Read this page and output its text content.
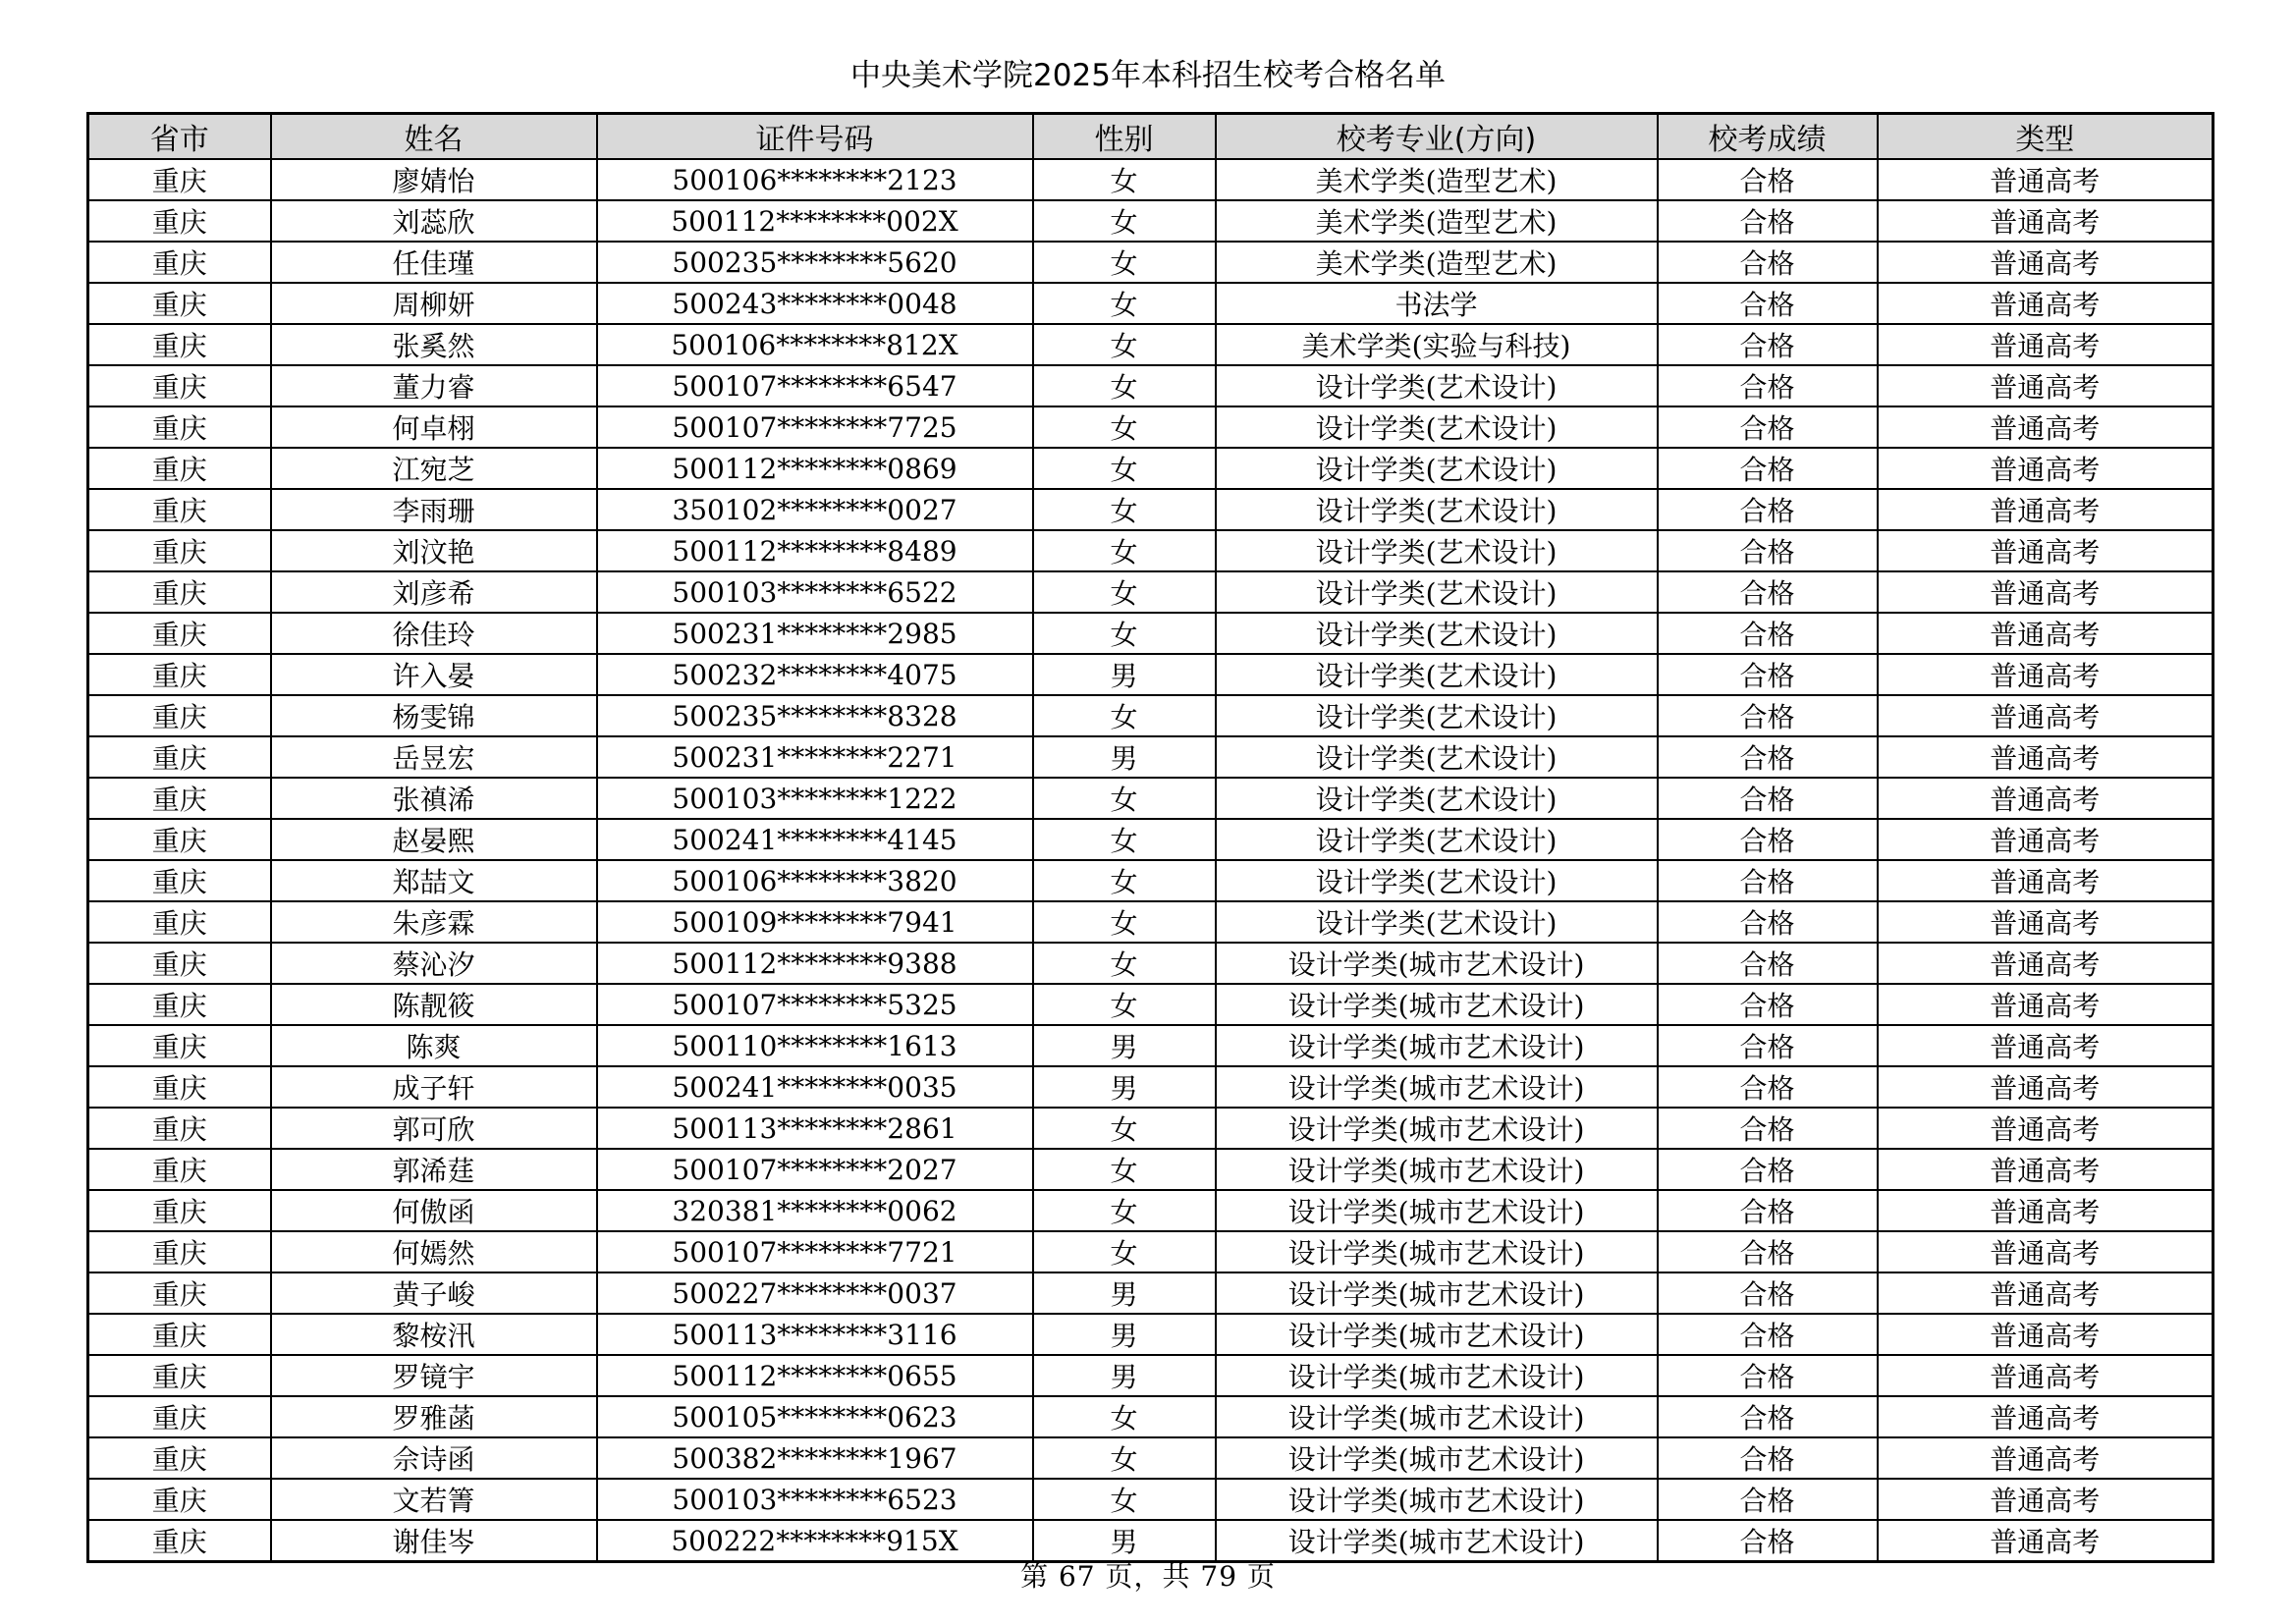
中央美术学院2025年本科招生校考合格名单
省市	姓名	证件号码	性别	校考专业(方向)	校考成绩	类型
重庆	廖婧怡	500106********2123	女	美术学类(造型艺术)	合格	普通高考
重庆	刘蕊欣	500112********002X	女	美术学类(造型艺术)	合格	普通高考
重庆	任佳瑾	500235********5620	女	美术学类(造型艺术)	合格	普通高考
重庆	周柳妍	500243********0048	女	书法学	合格	普通高考
重庆	张奚然	500106********812X	女	美术学类(实验与科技)	合格	普通高考
重庆	董力睿	500107********6547	女	设计学类(艺术设计)	合格	普通高考
重庆	何卓栩	500107********7725	女	设计学类(艺术设计)	合格	普通高考
重庆	江宛芝	500112********0869	女	设计学类(艺术设计)	合格	普通高考
重庆	李雨珊	350102********0027	女	设计学类(艺术设计)	合格	普通高考
重庆	刘汶艳	500112********8489	女	设计学类(艺术设计)	合格	普通高考
重庆	刘彦希	500103********6522	女	设计学类(艺术设计)	合格	普通高考
重庆	徐佳玲	500231********2985	女	设计学类(艺术设计)	合格	普通高考
重庆	许入晏	500232********4075	男	设计学类(艺术设计)	合格	普通高考
重庆	杨雯锦	500235********8328	女	设计学类(艺术设计)	合格	普通高考
重庆	岳昱宏	500231********2271	男	设计学类(艺术设计)	合格	普通高考
重庆	张禛浠	500103********1222	女	设计学类(艺术设计)	合格	普通高考
重庆	赵晏熙	500241********4145	女	设计学类(艺术设计)	合格	普通高考
重庆	郑喆文	500106********3820	女	设计学类(艺术设计)	合格	普通高考
重庆	朱彦霖	500109********7941	女	设计学类(艺术设计)	合格	普通高考
重庆	蔡沁汐	500112********9388	女	设计学类(城市艺术设计)	合格	普通高考
重庆	陈靓筱	500107********5325	女	设计学类(城市艺术设计)	合格	普通高考
重庆	陈爽	500110********1613	男	设计学类(城市艺术设计)	合格	普通高考
重庆	成子轩	500241********0035	男	设计学类(城市艺术设计)	合格	普通高考
重庆	郭可欣	500113********2861	女	设计学类(城市艺术设计)	合格	普通高考
重庆	郭浠莛	500107********2027	女	设计学类(城市艺术设计)	合格	普通高考
重庆	何傲函	320381********0062	女	设计学类(城市艺术设计)	合格	普通高考
重庆	何嫣然	500107********7721	女	设计学类(城市艺术设计)	合格	普通高考
重庆	黄子峻	500227********0037	男	设计学类(城市艺术设计)	合格	普通高考
重庆	黎桉汛	500113********3116	男	设计学类(城市艺术设计)	合格	普通高考
重庆	罗镜宇	500112********0655	男	设计学类(城市艺术设计)	合格	普通高考
重庆	罗雅菡	500105********0623	女	设计学类(城市艺术设计)	合格	普通高考
重庆	佘诗函	500382********1967	女	设计学类(城市艺术设计)	合格	普通高考
重庆	文若箐	500103********6523	女	设计学类(城市艺术设计)	合格	普通高考
重庆	谢佳岑	500222********915X	男	设计学类(城市艺术设计)	合格	普通高考
第 67 页，共 79 页
